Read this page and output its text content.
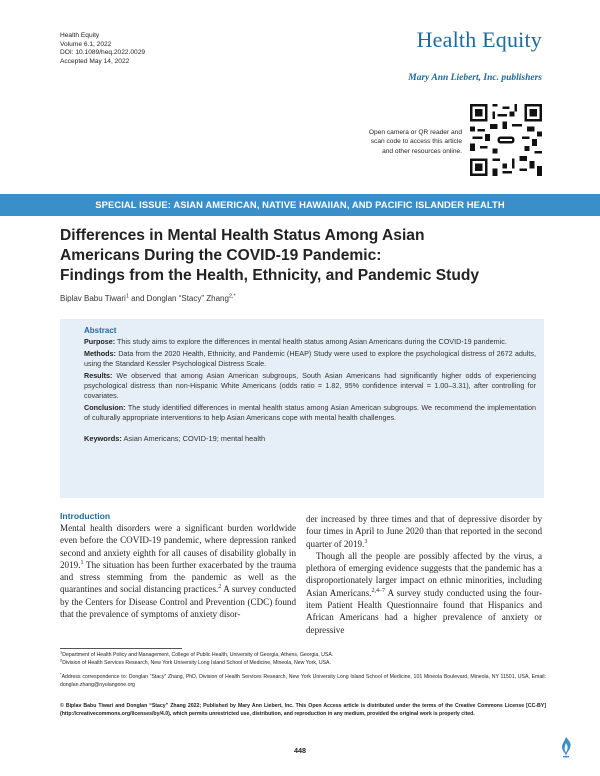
Health Equity
Volume 6.1, 2022
DOI: 10.1089/heq.2022.0029
Accepted May 14, 2022
Health Equity
Mary Ann Liebert, Inc. publishers
Open camera or QR reader and
scan code to access this article
and other resources online.
SPECIAL ISSUE: ASIAN AMERICAN, NATIVE HAWAIIAN, AND PACIFIC ISLANDER HEALTH
Differences in Mental Health Status Among Asian
Americans During the COVID-19 Pandemic:
Findings from the Health, Ethnicity, and Pandemic Study
Biplav Babu Tiwari$^1$ and Donglan “Stacy” Zhang$^{2,*}$
Abstract
Purpose: This study aims to explore the differences in mental health status among Asian Americans during the COVID-19 pandemic.
Methods: Data from the 2020 Health, Ethnicity, and Pandemic (HEAP) Study were used to explore the psychological distress of 2672 adults, using the Standard Kessler Psychological Distress Scale.
Results: We observed that among Asian American subgroups, South Asian Americans had significantly higher odds of experiencing psychological distress than non-Hispanic White Americans (odds ratio = 1.82, 95% confidence interval = 1.00–3.31), after controlling for covariates.
Conclusion: The study identified differences in mental health status among Asian American subgroups. We recommend the implementation of culturally appropriate interventions to help Asian Americans cope with mental health challenges.
Keywords: Asian Americans; COVID-19; mental health
Introduction

Mental health disorders were a significant burden worldwide even before the COVID-19 pandemic, where depression ranked second and anxiety eighth for all causes of disability globally in 2019.$^1$ The situation has been further exacerbated by the trauma and stress stemming from the pandemic as well as the quarantines and social distancing practices.$^2$ A survey conducted by the Centers for Disease Control and Prevention (CDC) found that the prevalence of symptoms of anxiety disor-

der increased by three times and that of depressive disorder by four times in April to June 2020 than that reported in the second quarter of 2019.$^3$

Though all the people are possibly affected by the virus, a plethora of emerging evidence suggests that the pandemic has a disproportionately larger impact on ethnic minorities, including Asian Americans.$^{2,4-7}$ A survey study conducted using the four-item Patient Health Questionnaire found that Hispanics and African Americans had a higher prevalence of anxiety or depressive

$^1$Department of Health Policy and Management, College of Public Health, University of Georgia, Athens, Georgia, USA.
$^2$Division of Health Services Research, New York University Long Island School of Medicine, Mineola, New York, USA.
*Address correspondence to: Donglan “Stacy” Zhang, PhD, Division of Health Services Research, New York University Long Island School of Medicine, 101 Mineola Boulevard, Mineola, NY 11501, USA, Email: donglan.zhang@nyulangone.org
© Biplav Babu Tiwari and Donglan “Stacy” Zhang 2022; Published by Mary Ann Liebert, Inc. This Open Access article is distributed under the terms of the Creative Commons License [CC-BY] (http://creativecommons.org/licenses/by/4.0), which permits unrestricted use, distribution, and reproduction in any medium, provided the original work is properly cited.
448
